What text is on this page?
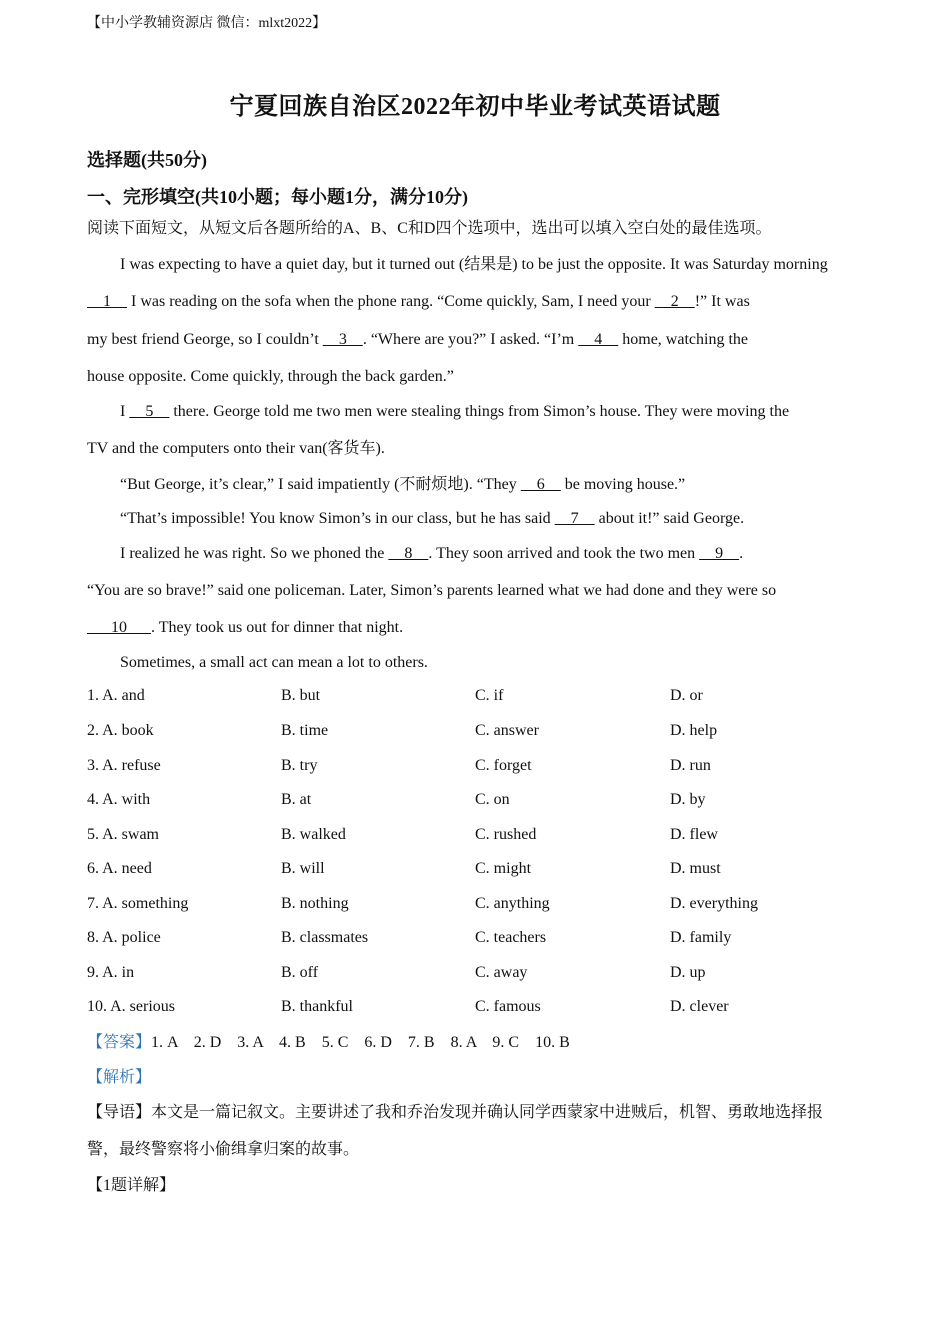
【中小学教辅资源店 微信：mlxt2022】
宁夏回族自治区2022年初中毕业考试英语试题
选择题(共50分)
一、完形填空(共10小题；每小题1分，满分10分)
阅读下面短文，从短文后各题所给的A、B、C和D四个选项中，选出可以填入空白处的最佳选项。
I was expecting to have a quiet day, but it turned out (结果是) to be just the opposite. It was Saturday morning
1     I was reading on the sofa when the phone rang. “Come quickly, Sam, I need your     2    !” It was
my best friend George, so I couldn’t     3    . “Where are you?” I asked. “I’m     4     home, watching the
house opposite. Come quickly, through the back garden.”
I     5     there. George told me two men were stealing things from Simon’s house. They were moving the
TV and the computers onto their van(客货车).
“But George, it’s clear,” I said impatiently (不耐烦地). “They     6     be moving house.”
“That’s impossible! You know Simon’s in our class, but he has said     7     about it!” said George.
I realized he was right. So we phoned the     8    . They soon arrived and took the two men     9    .
“You are so brave!” said one policeman. Later, Simon’s parents learned what we had done and they were so
10      . They took us out for dinner that night.
Sometimes, a small act can mean a lot to others.
1. A. and	B. but	C. if	D. or
2. A. book	B. time	C. answer	D. help
3. A. refuse	B. try	C. forget	D. run
4. A. with	B. at	C. on	D. by
5. A. swam	B. walked	C. rushed	D. flew
6. A. need	B. will	C. might	D. must
7. A. something	B. nothing	C. anything	D. everything
8. A. police	B. classmates	C. teachers	D. family
9. A. in	B. off	C. away	D. up
10. A. serious	B. thankful	C. famous	D. clever
【答案】1. A    2. D    3. A    4. B    5. C    6. D    7. B    8. A    9. C    10. B
【解析】
【导语】本文是一篇记叙文。主要讲述了我和乔治发现并确认同学西蒙家中进贼后，机智、勇敢地选择报
警，最终警察将小偷缉拿归案的故事。
【1题详解】
